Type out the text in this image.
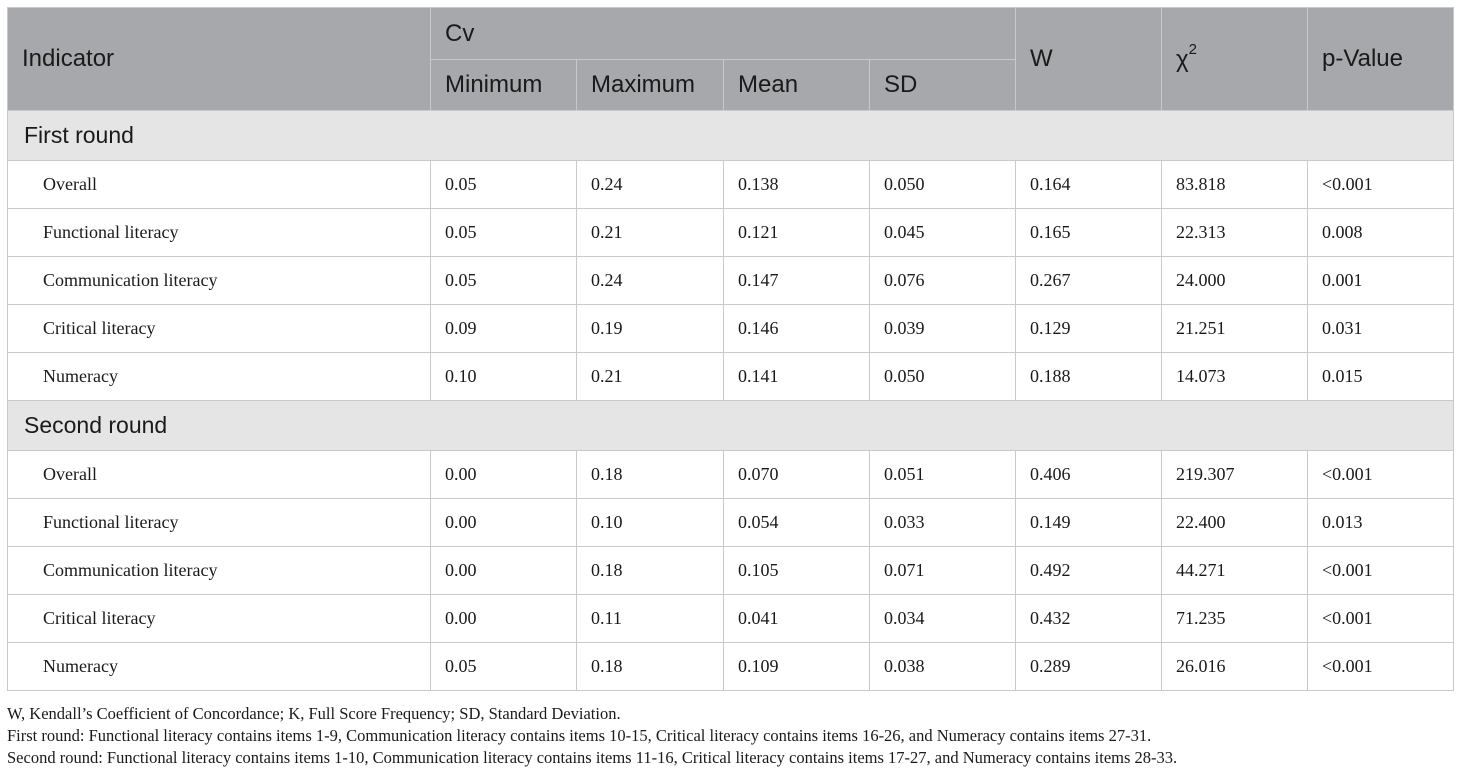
Indicator	Cv				W	$\chi^2$	p-Value
	Minimum	Maximum	Mean	SD			
First round							
Overall	0.05	0.24	0.138	0.050	0.164	83.818	<0.001
Functional literacy	0.05	0.21	0.121	0.045	0.165	22.313	0.008
Communication literacy	0.05	0.24	0.147	0.076	0.267	24.000	0.001
Critical literacy	0.09	0.19	0.146	0.039	0.129	21.251	0.031
Numeracy	0.10	0.21	0.141	0.050	0.188	14.073	0.015
Second round							
Overall	0.00	0.18	0.070	0.051	0.406	219.307	<0.001
Functional literacy	0.00	0.10	0.054	0.033	0.149	22.400	0.013
Communication literacy	0.00	0.18	0.105	0.071	0.492	44.271	<0.001
Critical literacy	0.00	0.11	0.041	0.034	0.432	71.235	<0.001
Numeracy	0.05	0.18	0.109	0.038	0.289	26.016	<0.001
W, Kendall’s Coefficient of Concordance; K, Full Score Frequency; SD, Standard Deviation.
First round: Functional literacy contains items 1-9, Communication literacy contains items 10-15, Critical literacy contains items 16-26, and Numeracy contains items 27-31.
Second round: Functional literacy contains items 1-10, Communication literacy contains items 11-16, Critical literacy contains items 17-27, and Numeracy contains items 28-33.
